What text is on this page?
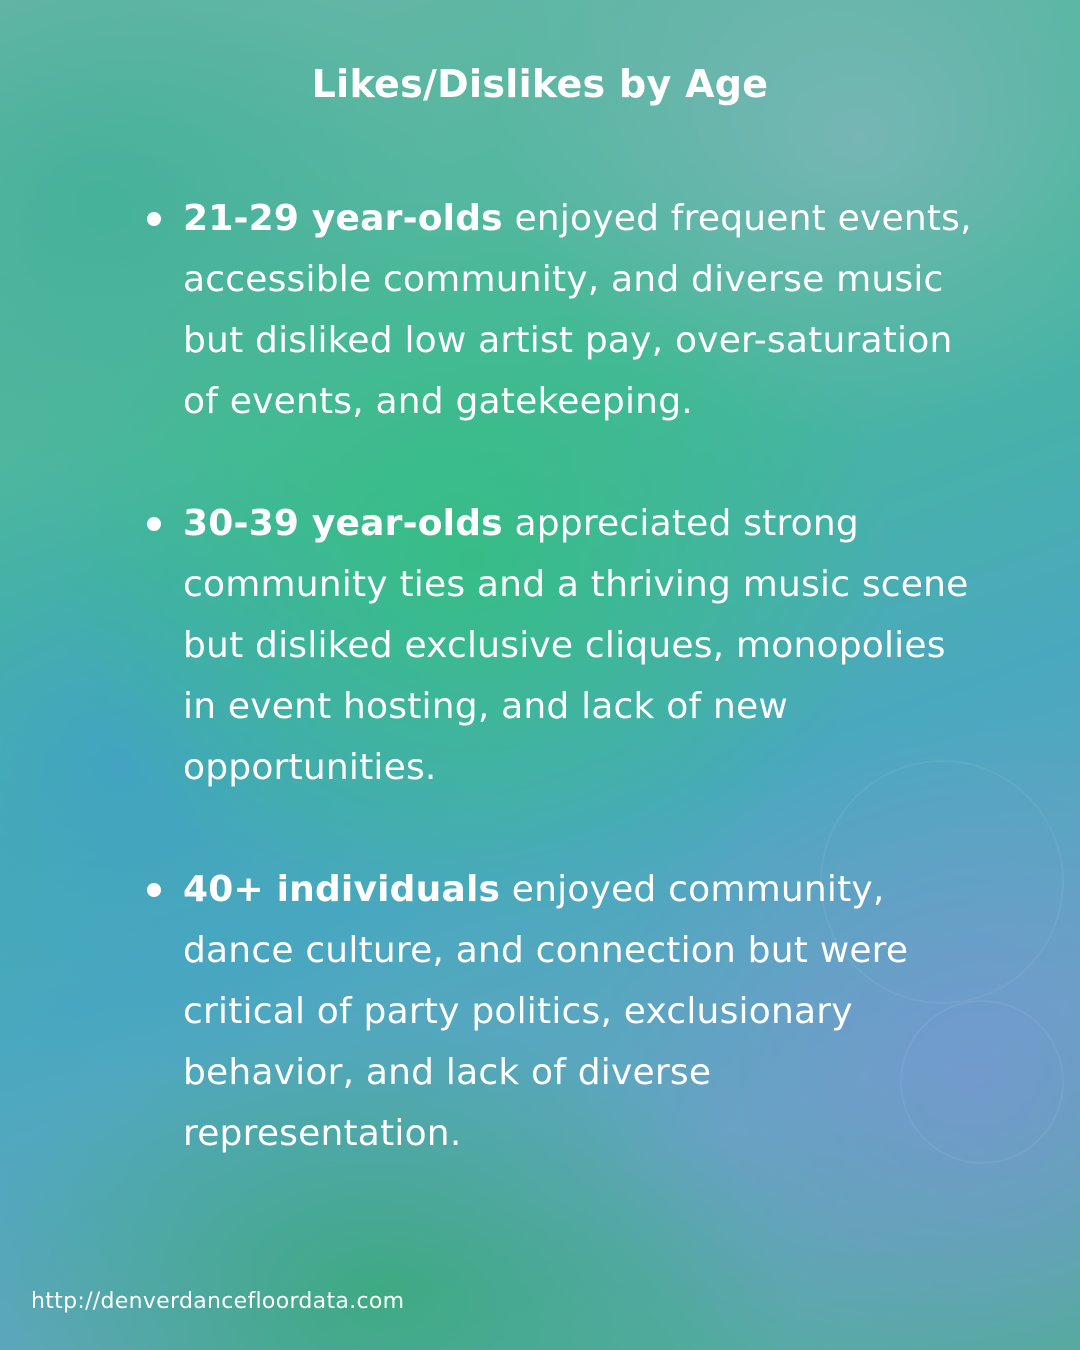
Likes/Dislikes by Age
21-29 year-olds enjoyed frequent events, accessible community, and diverse music but disliked low artist pay, over-saturation of events, and gatekeeping.
30-39 year-olds appreciated strong community ties and a thriving music scene but disliked exclusive cliques, monopolies in event hosting, and lack of new opportunities.
40+ individuals enjoyed community, dance culture, and connection but were critical of party politics, exclusionary behavior, and lack of diverse representation.
http://denverdancefloordata.com
